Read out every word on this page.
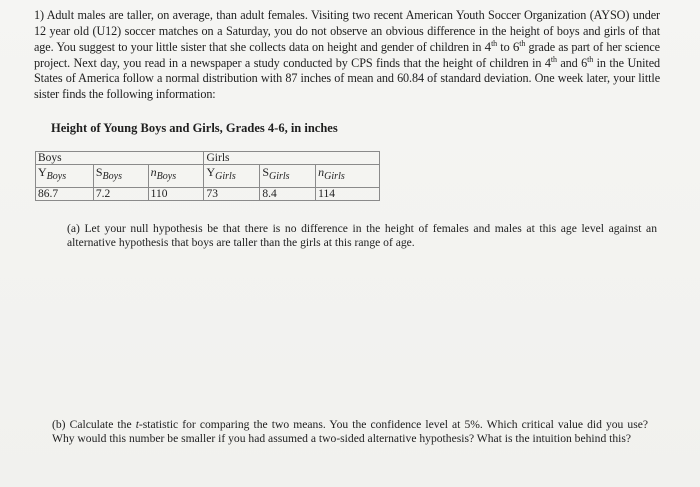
1) Adult males are taller, on average, than adult females. Visiting two recent American Youth Soccer Organization (AYSO) under 12 year old (U12) soccer matches on a Saturday, you do not observe an obvious difference in the height of boys and girls of that age. You suggest to your little sister that she collects data on height and gender of children in 4th to 6th grade as part of her science project. Next day, you read in a newspaper a study conducted by CPS finds that the height of children in 4th and 6th in the United States of America follow a normal distribution with 87 inches of mean and 60.84 of standard deviation. One week later, your little sister finds the following information:
Height of Young Boys and Girls, Grades 4-6, in inches
Boys			Girls		
YBoys	SBoys	nBoys	YGirls	SGirls	nGirls
86.7	7.2	110	73	8.4	114
(a) Let your null hypothesis be that there is no difference in the height of females and males at this age level against an alternative hypothesis that boys are taller than the girls at this range of age.
(b) Calculate the t-statistic for comparing the two means. You the confidence level at 5%. Which critical value did you use? Why would this number be smaller if you had assumed a two-sided alternative hypothesis? What is the intuition behind this?
